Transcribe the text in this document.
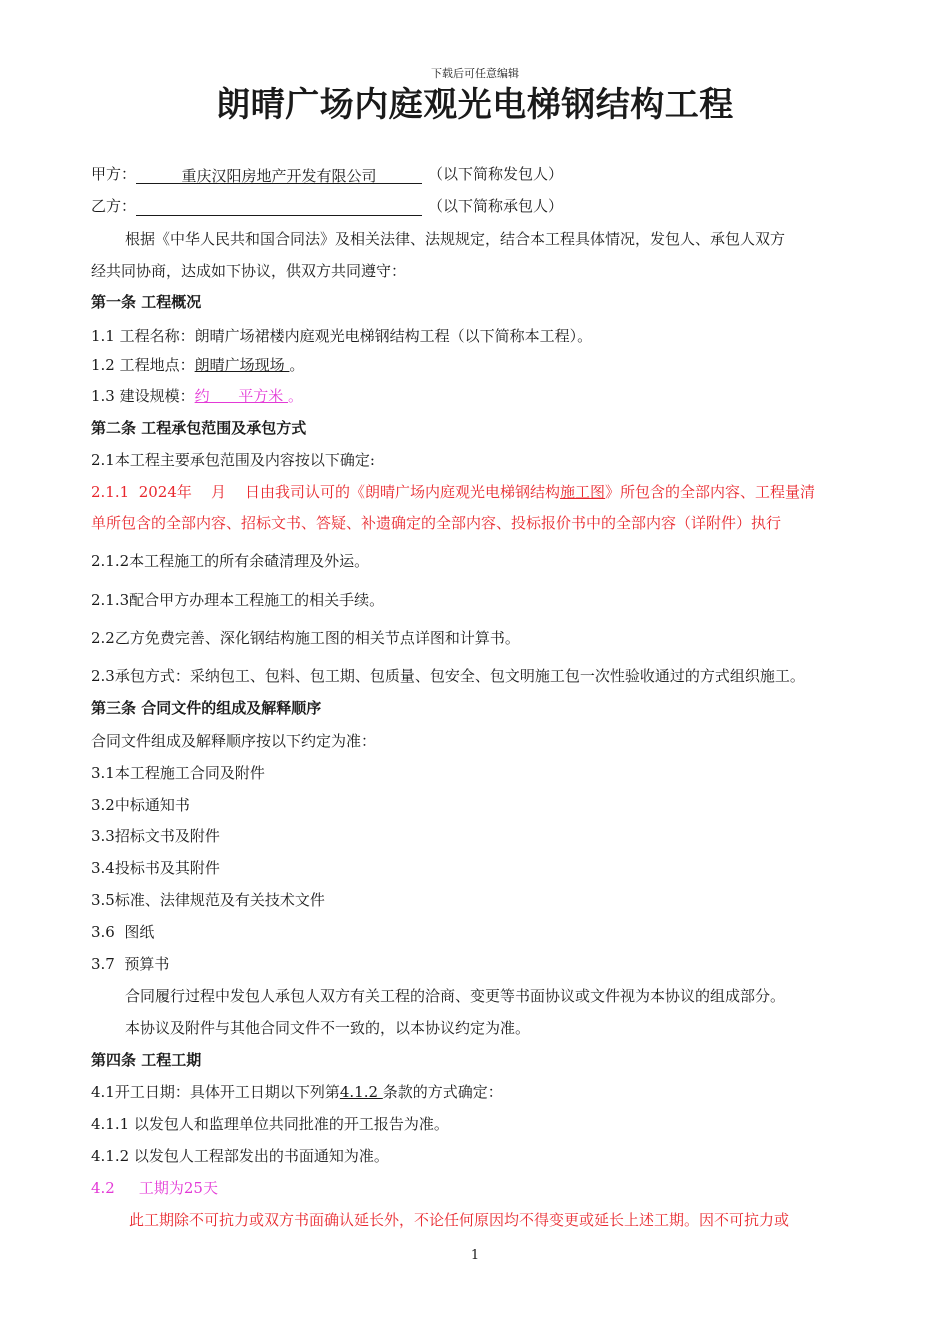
下载后可任意编辑
朗晴广场内庭观光电梯钢结构工程
甲方：	重庆汉阳房地产开发有限公司	（以下简称发包人）
乙方：	（以下简称承包人）
根据《中华人民共和国合同法》及相关法律、法规规定，结合本工程具体情况，发包人、承包人双方
经共同协商，达成如下协议，供双方共同遵守：
第一条 工程概况
1.1 工程名称：朗晴广场裙楼内庭观光电梯钢结构工程（以下简称本工程）。
1.2 工程地点：朗晴广场现场 。
1.3 建设规模：约      平方米 。
第二条 工程承包范围及承包方式
2.1本工程主要承包范围及内容按以下确定:
2.1.1  2024年    月    日由我司认可的《朗晴广场内庭观光电梯钢结构施工图》所包含的全部内容、工程量清
单所包含的全部内容、招标文书、答疑、补遗确定的全部内容、投标报价书中的全部内容（详附件）执行
2.1.2本工程施工的所有余碴清理及外运。
2.1.3配合甲方办理本工程施工的相关手续。
2.2乙方免费完善、深化钢结构施工图的相关节点详图和计算书。
2.3承包方式：采纳包工、包料、包工期、包质量、包安全、包文明施工包一次性验收通过的方式组织施工。
第三条 合同文件的组成及解释顺序
合同文件组成及解释顺序按以下约定为准：
3.1本工程施工合同及附件
3.2中标通知书
3.3招标文书及附件
3.4投标书及其附件
3.5标准、法律规范及有关技术文件
3.6  图纸
3.7  预算书
合同履行过程中发包人承包人双方有关工程的洽商、变更等书面协议或文件视为本协议的组成部分。
本协议及附件与其他合同文件不一致的，以本协议约定为准。
第四条 工程工期
4.1开工日期：具体开工日期以下列第4.1.2 条款的方式确定：
4.1.1 以发包人和监理单位共同批准的开工报告为准。
4.1.2 以发包人工程部发出的书面通知为准。
4.2 工期为25天
此工期除不可抗力或双方书面确认延长外，不论任何原因均不得变更或延长上述工期。因不可抗力或
1
